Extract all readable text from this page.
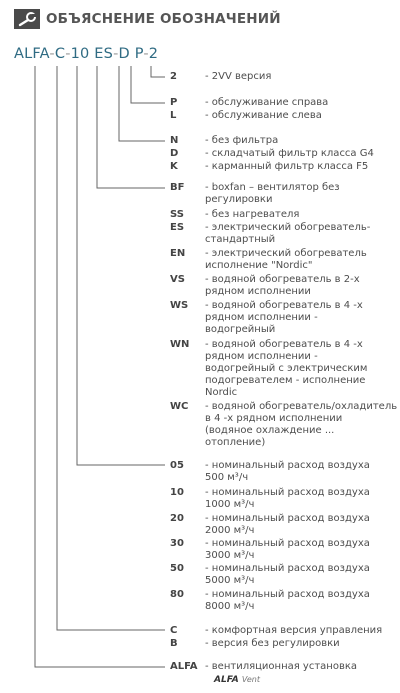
ОБЪЯСНЕНИЕ ОБОЗНАЧЕНИЙ
ALFA-C-10 ES-D P-2
2	- 2VV версия
P	- обслуживание справа
L	- обслуживание слева
N	- без фильтра
D	- складчатый фильтр класса G4
K	- карманный фильтр класса F5
BF - boxfan – вентилятор без
регулировки
SS - без нагревателя
ES - электрический обогреватель-
стандартный
EN - электрический обогреватель
исполнение "Nordic"
VS - водяной обогреватель в 2-х
рядном исполнении
WS - водяной обогреватель в 4 -х
рядном исполнении -
водогрейный
WN - водяной обогреватель в 4 -х
рядном исполнении -
водогрейный с электрическим
подогревателем - исполнение
Nordic
WC - водяной обогреватель/охладитель
в 4 -х рядном исполнении
(водяное охлаждение ...
отопление)
05 - номинальный расход воздуха
500 м³/ч
10 - номинальный расход воздуха
1000 м³/ч
20 - номинальный расход воздуха
2000 м³/ч
30 - номинальный расход воздуха
3000 м³/ч
50 - номинальный расход воздуха
5000 м³/ч
80 - номинальный расход воздуха
8000 м³/ч
C	- комфортная версия управления
B	- версия без регулировки
ALFA - вентиляционная установка
ALFA Vent
